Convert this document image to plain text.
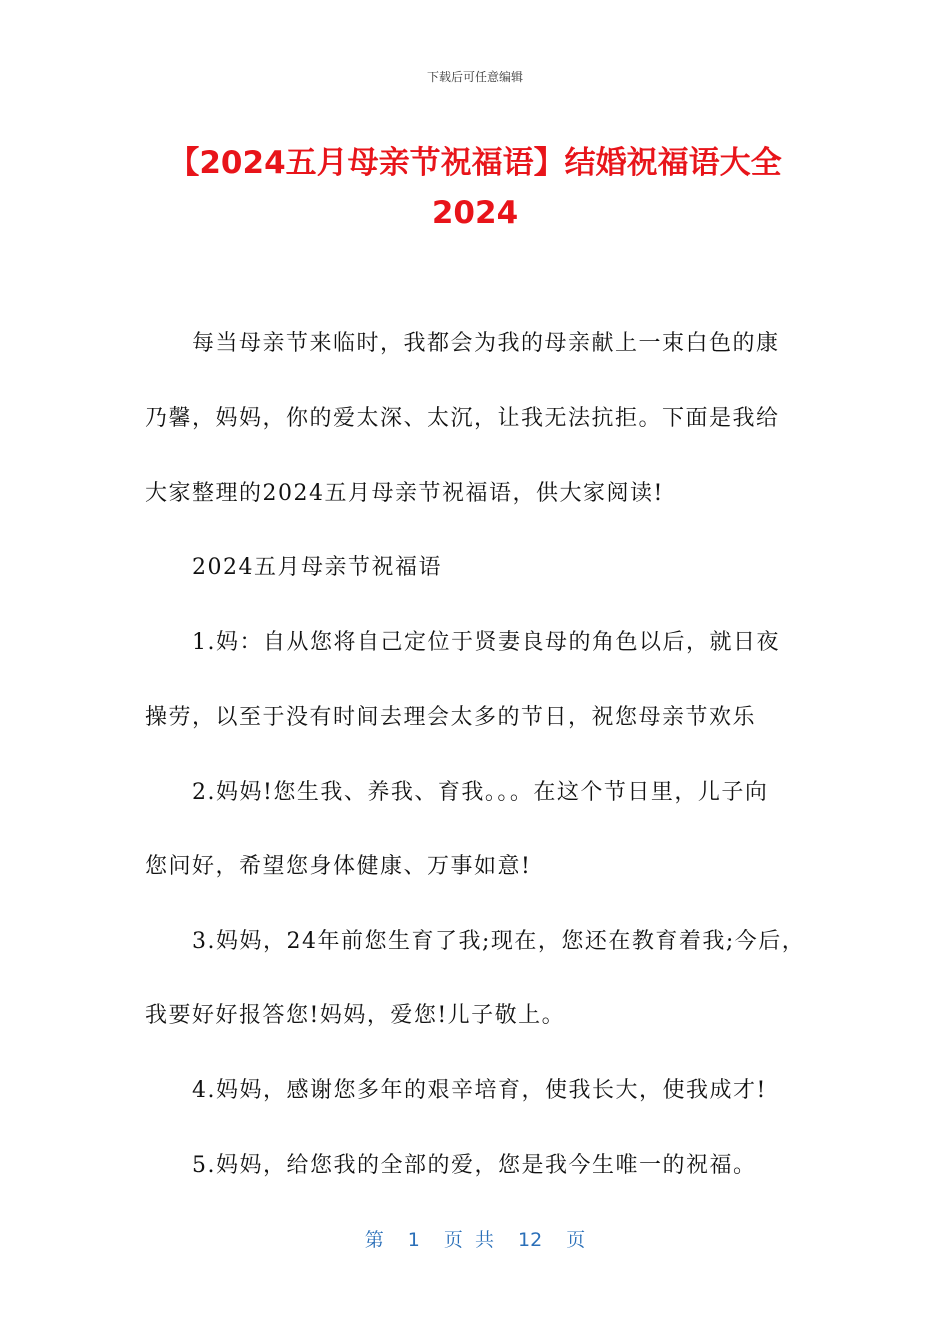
下载后可任意编辑
【2024五月母亲节祝福语】结婚祝福语大全
2024
每当母亲节来临时，我都会为我的母亲献上一束白色的康
乃馨，妈妈，你的爱太深、太沉，让我无法抗拒。下面是我给
大家整理的2024五月母亲节祝福语，供大家阅读!
2024五月母亲节祝福语
1.妈：自从您将自己定位于贤妻良母的角色以后，就日夜
操劳，以至于没有时间去理会太多的节日，祝您母亲节欢乐
2.妈妈!您生我、养我、育我。。。在这个节日里，儿子向
您问好，希望您身体健康、万事如意!
3.妈妈，24年前您生育了我;现在，您还在教育着我;今后，
我要好好报答您!妈妈，爱您!儿子敬上。
4.妈妈，感谢您多年的艰辛培育，使我长大，使我成才!
5.妈妈，给您我的全部的爱，您是我今生唯一的祝福。
第 1 页 共 12 页
